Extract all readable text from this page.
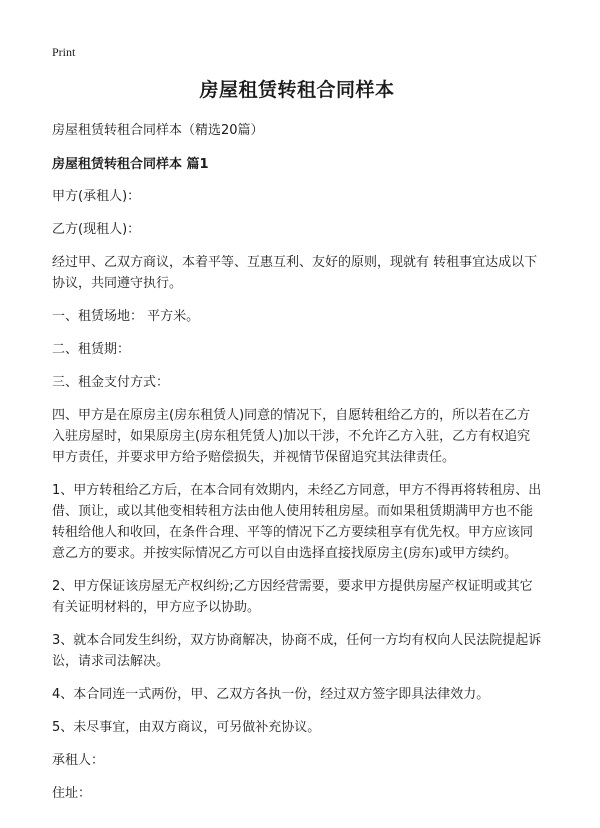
Print
房屋租赁转租合同样本

房屋租赁转租合同样本（精选20篇）

房屋租赁转租合同样本 篇1

甲方(承租人)：

乙方(现租人)：

经过甲、乙双方商议，本着平等、互惠互利、友好的原则，现就有 转租事宜达成以下协议，共同遵守执行。

一、租赁场地： 平方米。

二、租赁期：

三、租金支付方式：

四、甲方是在原房主(房东租赁人)同意的情况下，自愿转租给乙方的，所以若在乙方入驻房屋时，如果原房主(房东租凭赁人)加以干涉，不允许乙方入驻，乙方有权追究甲方责任，并要求甲方给予赔偿损失，并视情节保留追究其法律责任。

1、甲方转租给乙方后，在本合同有效期内，未经乙方同意，甲方不得再将转租房、出借、顶让，或以其他变相转租方法由他人使用转租房屋。而如果租赁期满甲方也不能转租给他人和收回，在条件合理、平等的情况下乙方要续租享有优先权。甲方应该同意乙方的要求。并按实际情况乙方可以自由选择直接找原房主(房东)或甲方续约。

2、甲方保证该房屋无产权纠纷;乙方因经营需要，要求甲方提供房屋产权证明或其它有关证明材料的，甲方应予以协助。

3、就本合同发生纠纷，双方协商解决，协商不成，任何一方均有权向人民法院提起诉讼，请求司法解决。

4、本合同连一式两份，甲、乙双方各执一份，经过双方签字即具法律效力。

5、未尽事宜，由双方商议，可另做补充协议。

承租人：

住址：
